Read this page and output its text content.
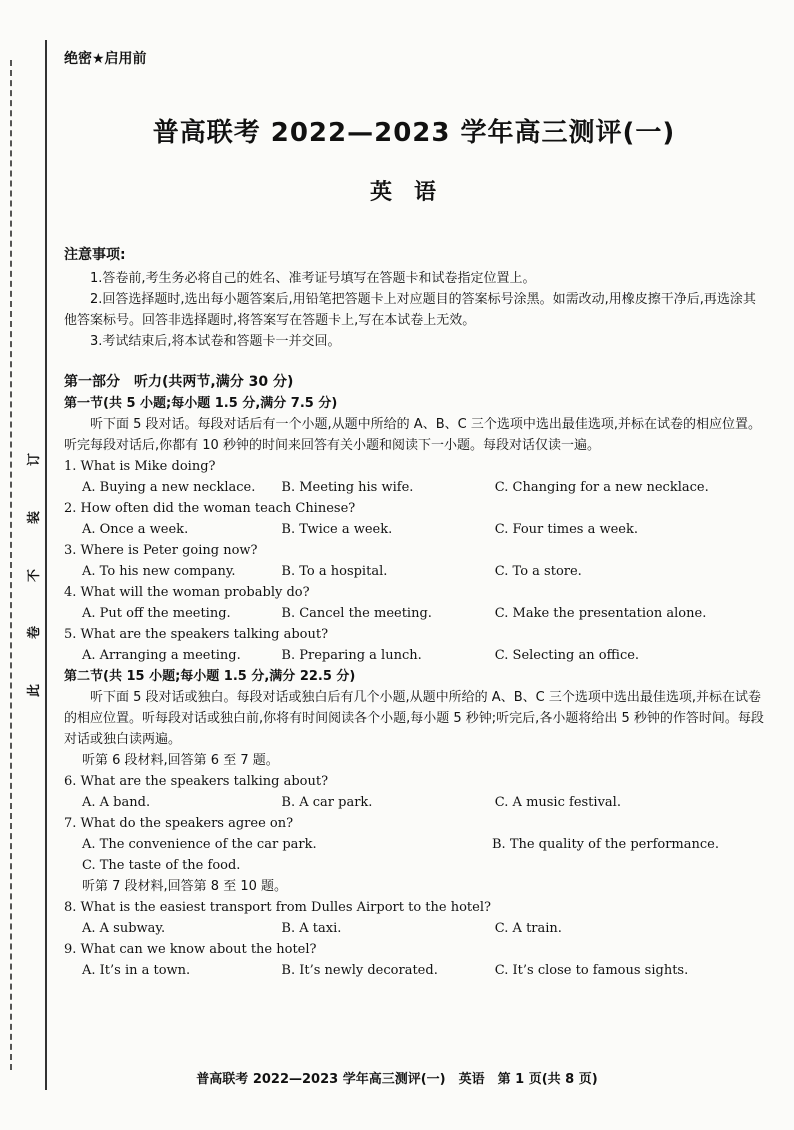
订
装
不
卷
此
绝密★启用前
普高联考 2022—2023 学年高三测评(一)
英语
注意事项:

1.答卷前,考生务必将自己的姓名、准考证号填写在答题卡和试卷指定位置上。

2.回答选择题时,选出每小题答案后,用铅笔把答题卡上对应题目的答案标号涂黑。如需改动,用橡皮擦干净后,再选涂其他答案标号。回答非选择题时,将答案写在答题卡上,写在本试卷上无效。

3.考试结束后,将本试卷和答题卡一并交回。

第一部分　听力(共两节,满分 30 分)
第一节(共 5 小题;每小题 1.5 分,满分 7.5 分)

听下面 5 段对话。每段对话后有一个小题,从题中所给的 A、B、C 三个选项中选出最佳选项,并标在试卷的相应位置。听完每段对话后,你都有 10 秒钟的时间来回答有关小题和阅读下一小题。每段对话仅读一遍。

1. What is Mike doing?
A. Buying a new necklace.	B. Meeting his wife.	C. Changing for a new necklace.
2. How often did the woman teach Chinese?
A. Once a week.	B. Twice a week.	C. Four times a week.
3. Where is Peter going now?
A. To his new company.	B. To a hospital.	C. To a store.
4. What will the woman probably do?
A. Put off the meeting.	B. Cancel the meeting.	C. Make the presentation alone.
5. What are the speakers talking about?
A. Arranging a meeting.	B. Preparing a lunch.	C. Selecting an office.
第二节(共 15 小题;每小题 1.5 分,满分 22.5 分)

听下面 5 段对话或独白。每段对话或独白后有几个小题,从题中所给的 A、B、C 三个选项中选出最佳选项,并标在试卷的相应位置。听每段对话或独白前,你将有时间阅读各个小题,每小题 5 秒钟;听完后,各小题将给出 5 秒钟的作答时间。每段对话或独白读两遍。

听第 6 段材料,回答第 6 至 7 题。
6. What are the speakers talking about?
A. A band.	B. A car park.	C. A music festival.
7. What do the speakers agree on?
A. The convenience of the car park.	B. The quality of the performance.
C. The taste of the food.
听第 7 段材料,回答第 8 至 10 题。
8. What is the easiest transport from Dulles Airport to the hotel?
A. A subway.	B. A taxi.	C. A train.
9. What can we know about the hotel?
A. It’s in a town.	B. It’s newly decorated.	C. It’s close to famous sights.
普高联考 2022—2023 学年高三测评(一)　英语　第 1 页(共 8 页)
